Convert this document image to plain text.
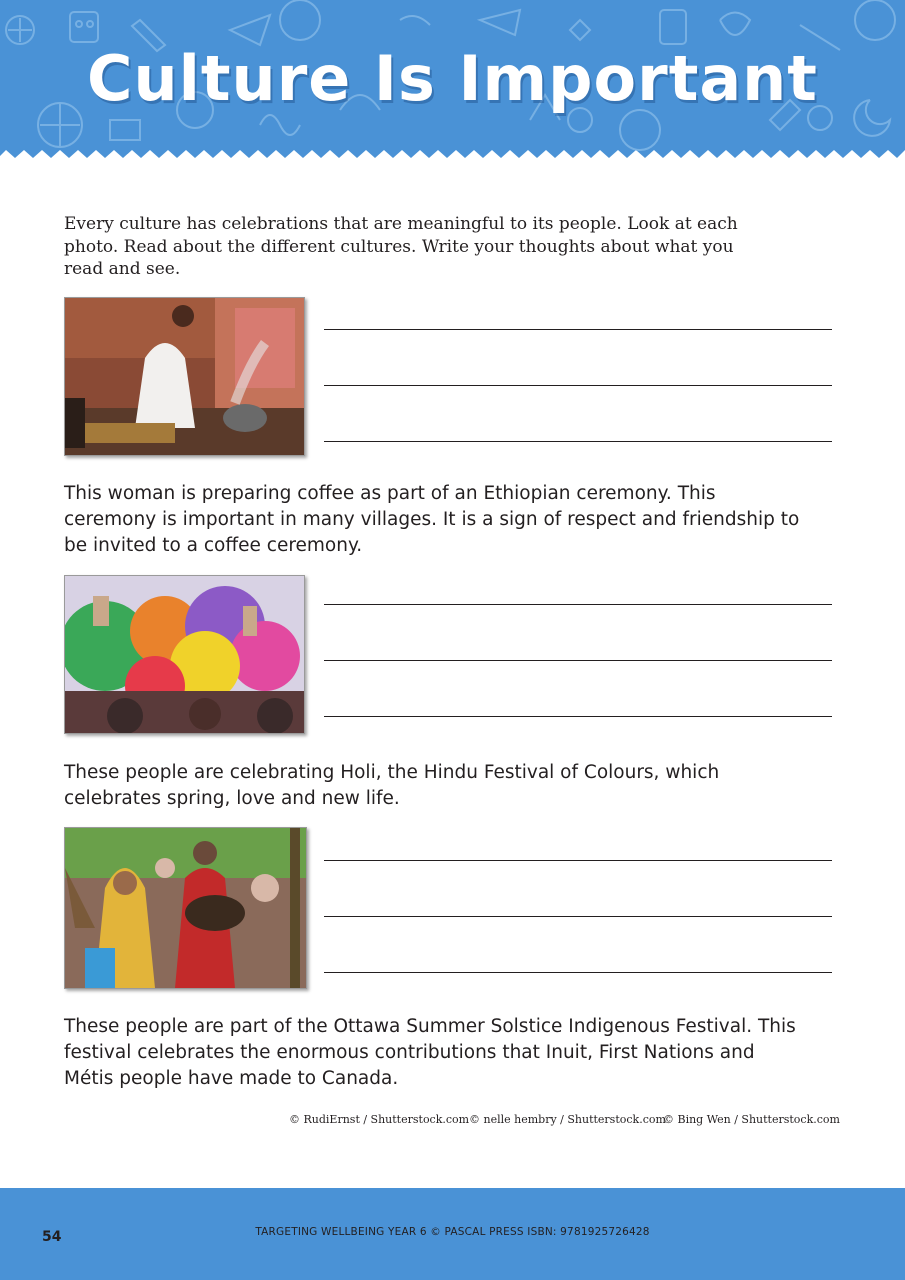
Culture Is Important
Every culture has celebrations that are meaningful to its people. Look at each photo. Read about the different cultures. Write your thoughts about what you read and see.
This woman is preparing coffee as part of an Ethiopian ceremony. This ceremony is important in many villages. It is a sign of respect and friendship to be invited to a coffee ceremony.
These people are celebrating Holi, the Hindu Festival of Colours, which celebrates spring, love and new life.
These people are part of the Ottawa Summer Solstice Indigenous Festival. This festival celebrates the enormous contributions that Inuit, First Nations and Métis people have made to Canada.
© RudiErnst / Shutterstock.com © nelle hembry / Shutterstock.com
© Bing Wen / Shutterstock.com
54	TARGETING WELLBEING YEAR 6 © PASCAL PRESS ISBN: 9781925726428
